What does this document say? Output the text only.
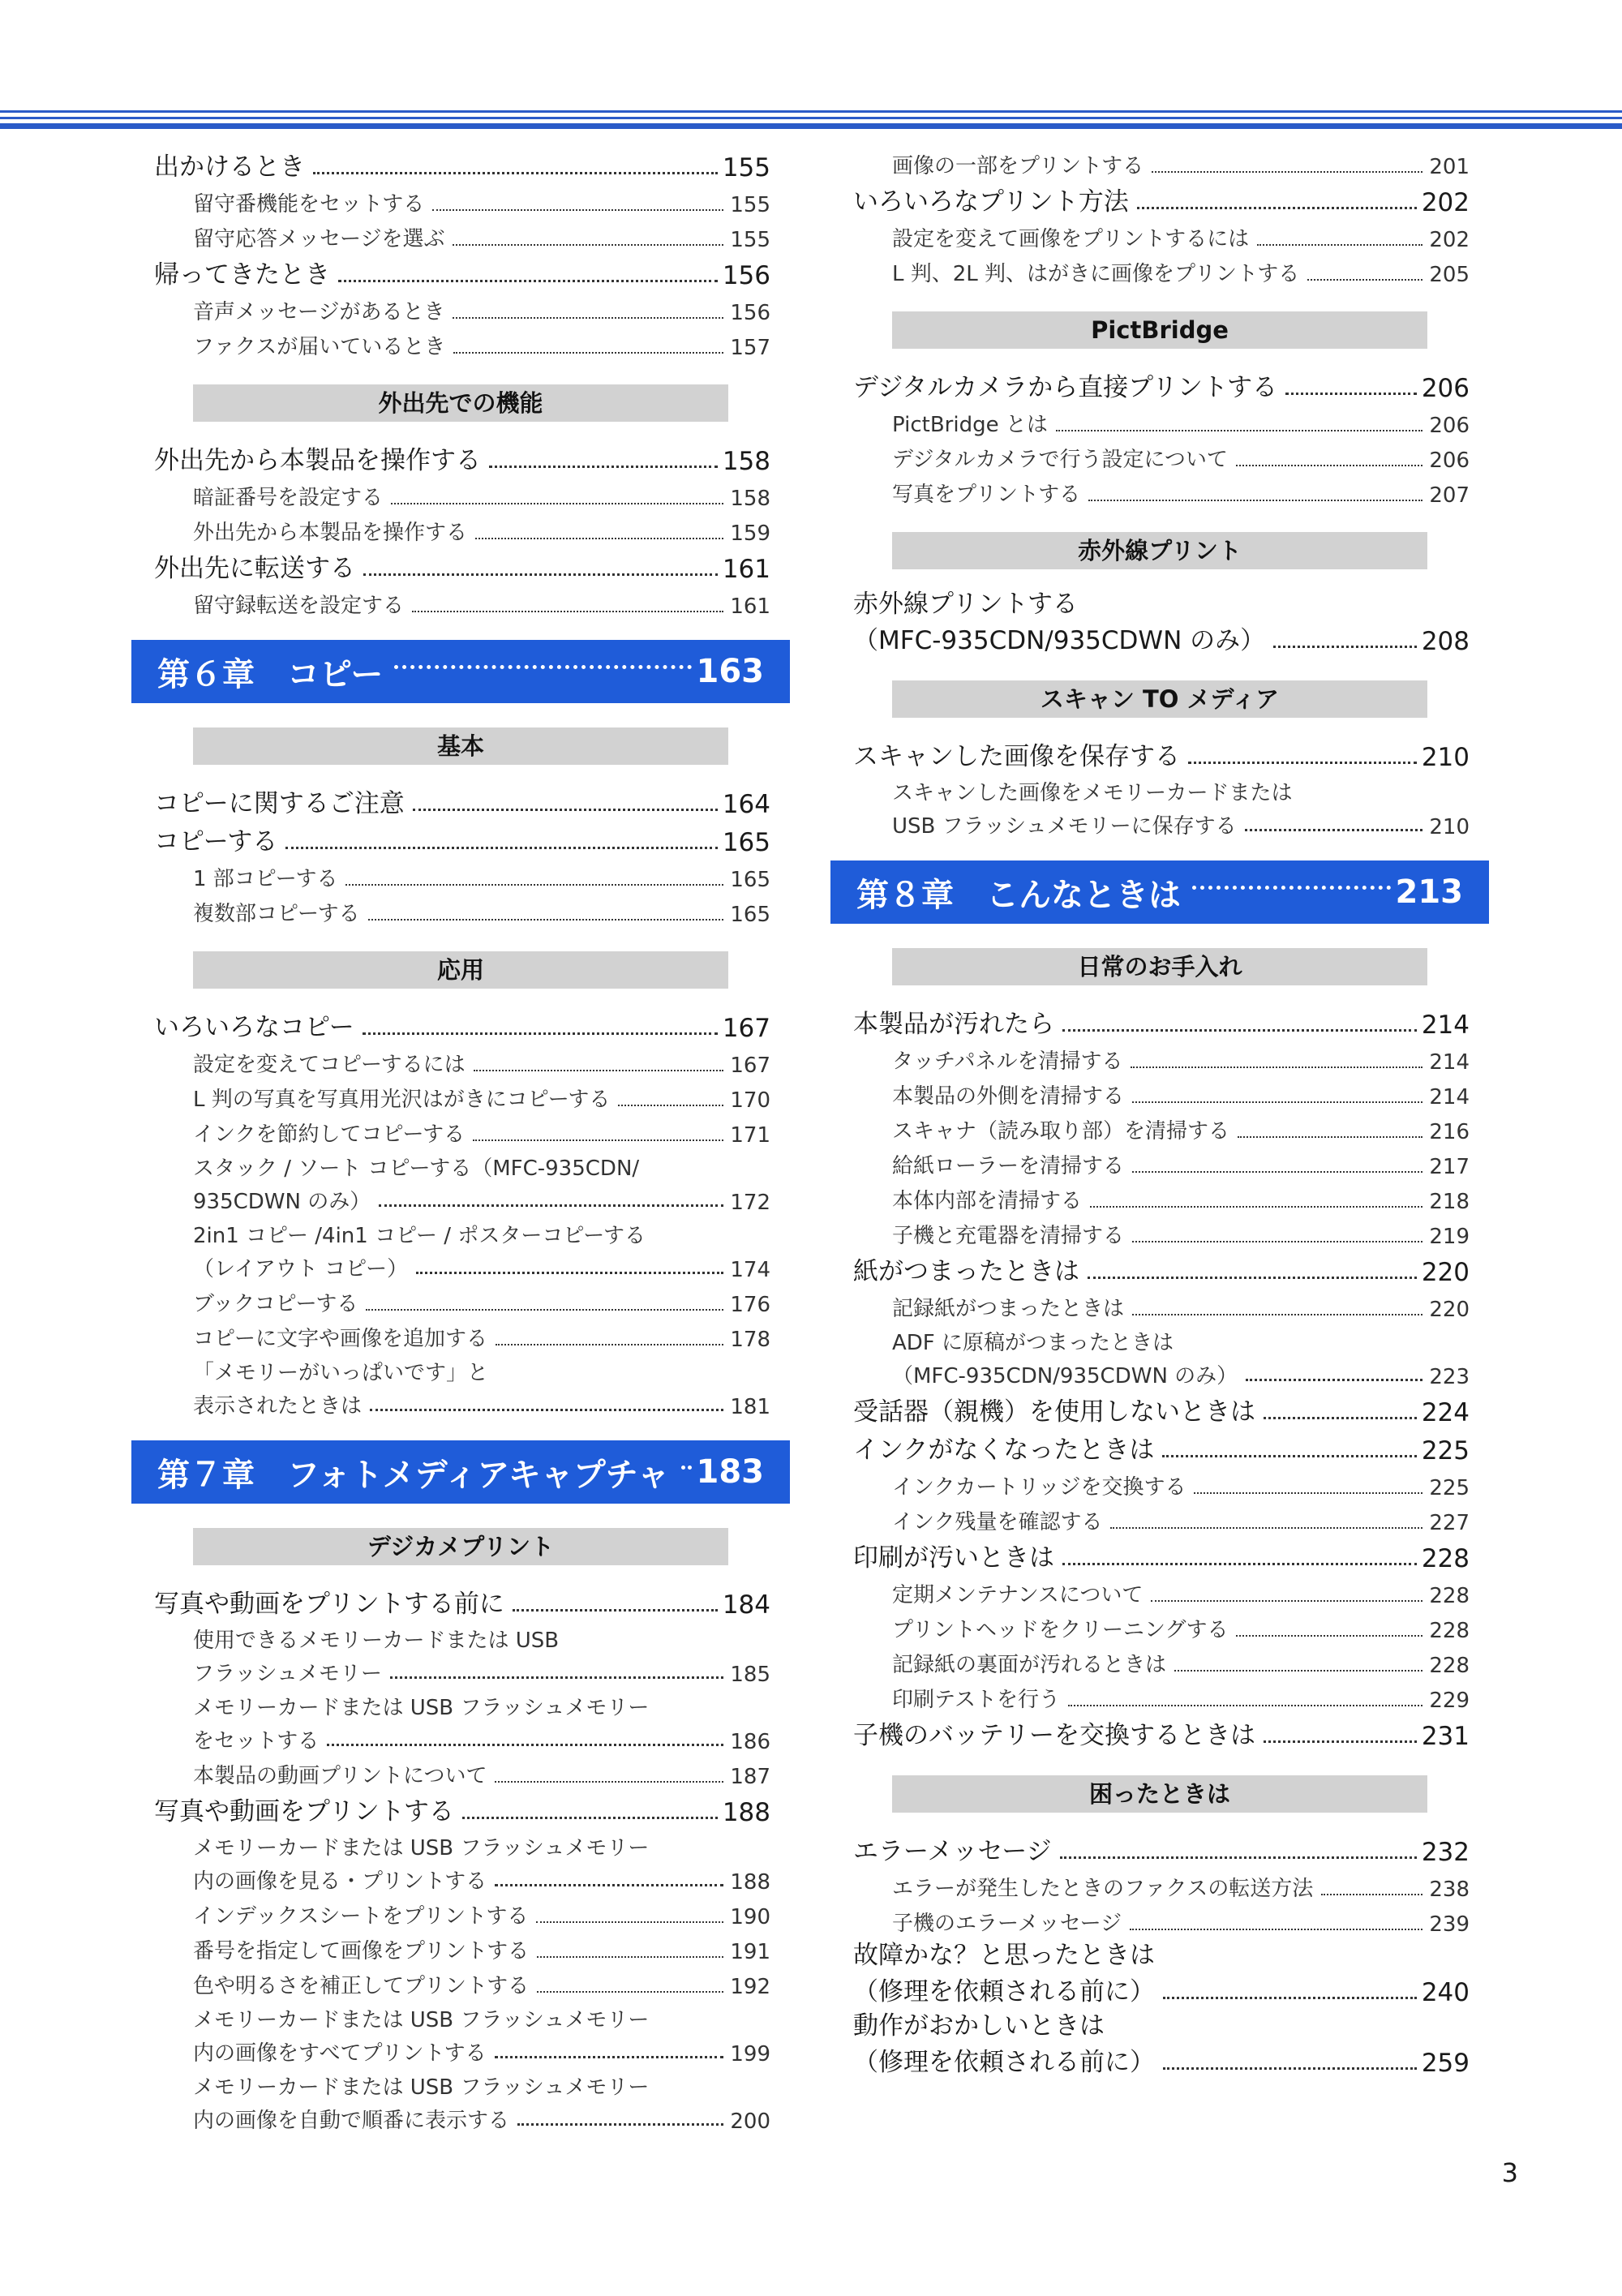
出かけるとき	155
留守番機能をセットする	155
留守応答メッセージを選ぶ	155
帰ってきたとき	156
音声メッセージがあるとき	156
ファクスが届いているとき	157
外出先での機能
外出先から本製品を操作する	158
暗証番号を設定する	158
外出先から本製品を操作する	159
外出先に転送する	161
留守録転送を設定する	161
第６章　コピー	163
基本
コピーに関するご注意	164
コピーする	165
1 部コピーする	165
複数部コピーする	165
応用
いろいろなコピー	167
設定を変えてコピーするには	167
L 判の写真を写真用光沢はがきにコピーする	170
インクを節約してコピーする	171
スタック / ソート コピーする（MFC-935CDN/
935CDWN のみ）	172
2in1 コピー /4in1 コピー / ポスターコピーする
（レイアウト コピー）	174
ブックコピーする	176
コピーに文字や画像を追加する	178
「メモリーがいっぱいです」と
表示されたときは	181
第７章　フォトメディアキャプチャ 183
デジカメプリント
写真や動画をプリントする前に	184
使用できるメモリーカードまたは USB
フラッシュメモリー	185
メモリーカードまたは USB フラッシュメモリー
をセットする	186
本製品の動画プリントについて	187
写真や動画をプリントする	188
メモリーカードまたは USB フラッシュメモリー
内の画像を見る・プリントする	188
インデックスシートをプリントする	190
番号を指定して画像をプリントする	191
色や明るさを補正してプリントする	192
メモリーカードまたは USB フラッシュメモリー
内の画像をすべてプリントする	199
メモリーカードまたは USB フラッシュメモリー
内の画像を自動で順番に表示する	200
画像の一部をプリントする	201
いろいろなプリント方法	202
設定を変えて画像をプリントするには	202
L 判、2L 判、はがきに画像をプリントする	205
PictBridge
デジタルカメラから直接プリントする	206
PictBridge とは	206
デジタルカメラで行う設定について	206
写真をプリントする	207
赤外線プリント
赤外線プリントする
（MFC-935CDN/935CDWN のみ）	208
スキャン TO メディア
スキャンした画像を保存する	210
スキャンした画像をメモリーカードまたは
USB フラッシュメモリーに保存する	210
第８章　こんなときは	213
日常のお手入れ
本製品が汚れたら	214
タッチパネルを清掃する	214
本製品の外側を清掃する	214
スキャナ（読み取り部）を清掃する	216
給紙ローラーを清掃する	217
本体内部を清掃する	218
子機と充電器を清掃する	219
紙がつまったときは	220
記録紙がつまったときは	220
ADF に原稿がつまったときは
（MFC-935CDN/935CDWN のみ）	223
受話器（親機）を使用しないときは	224
インクがなくなったときは	225
インクカートリッジを交換する	225
インク残量を確認する	227
印刷が汚いときは	228
定期メンテナンスについて	228
プリントヘッドをクリーニングする	228
記録紙の裏面が汚れるときは	228
印刷テストを行う	229
子機のバッテリーを交換するときは	231
困ったときは
エラーメッセージ	232
エラーが発生したときのファクスの転送方法	238
子機のエラーメッセージ	239
故障かな？と思ったときは
（修理を依頼される前に）	240
動作がおかしいときは
（修理を依頼される前に）	259
3
